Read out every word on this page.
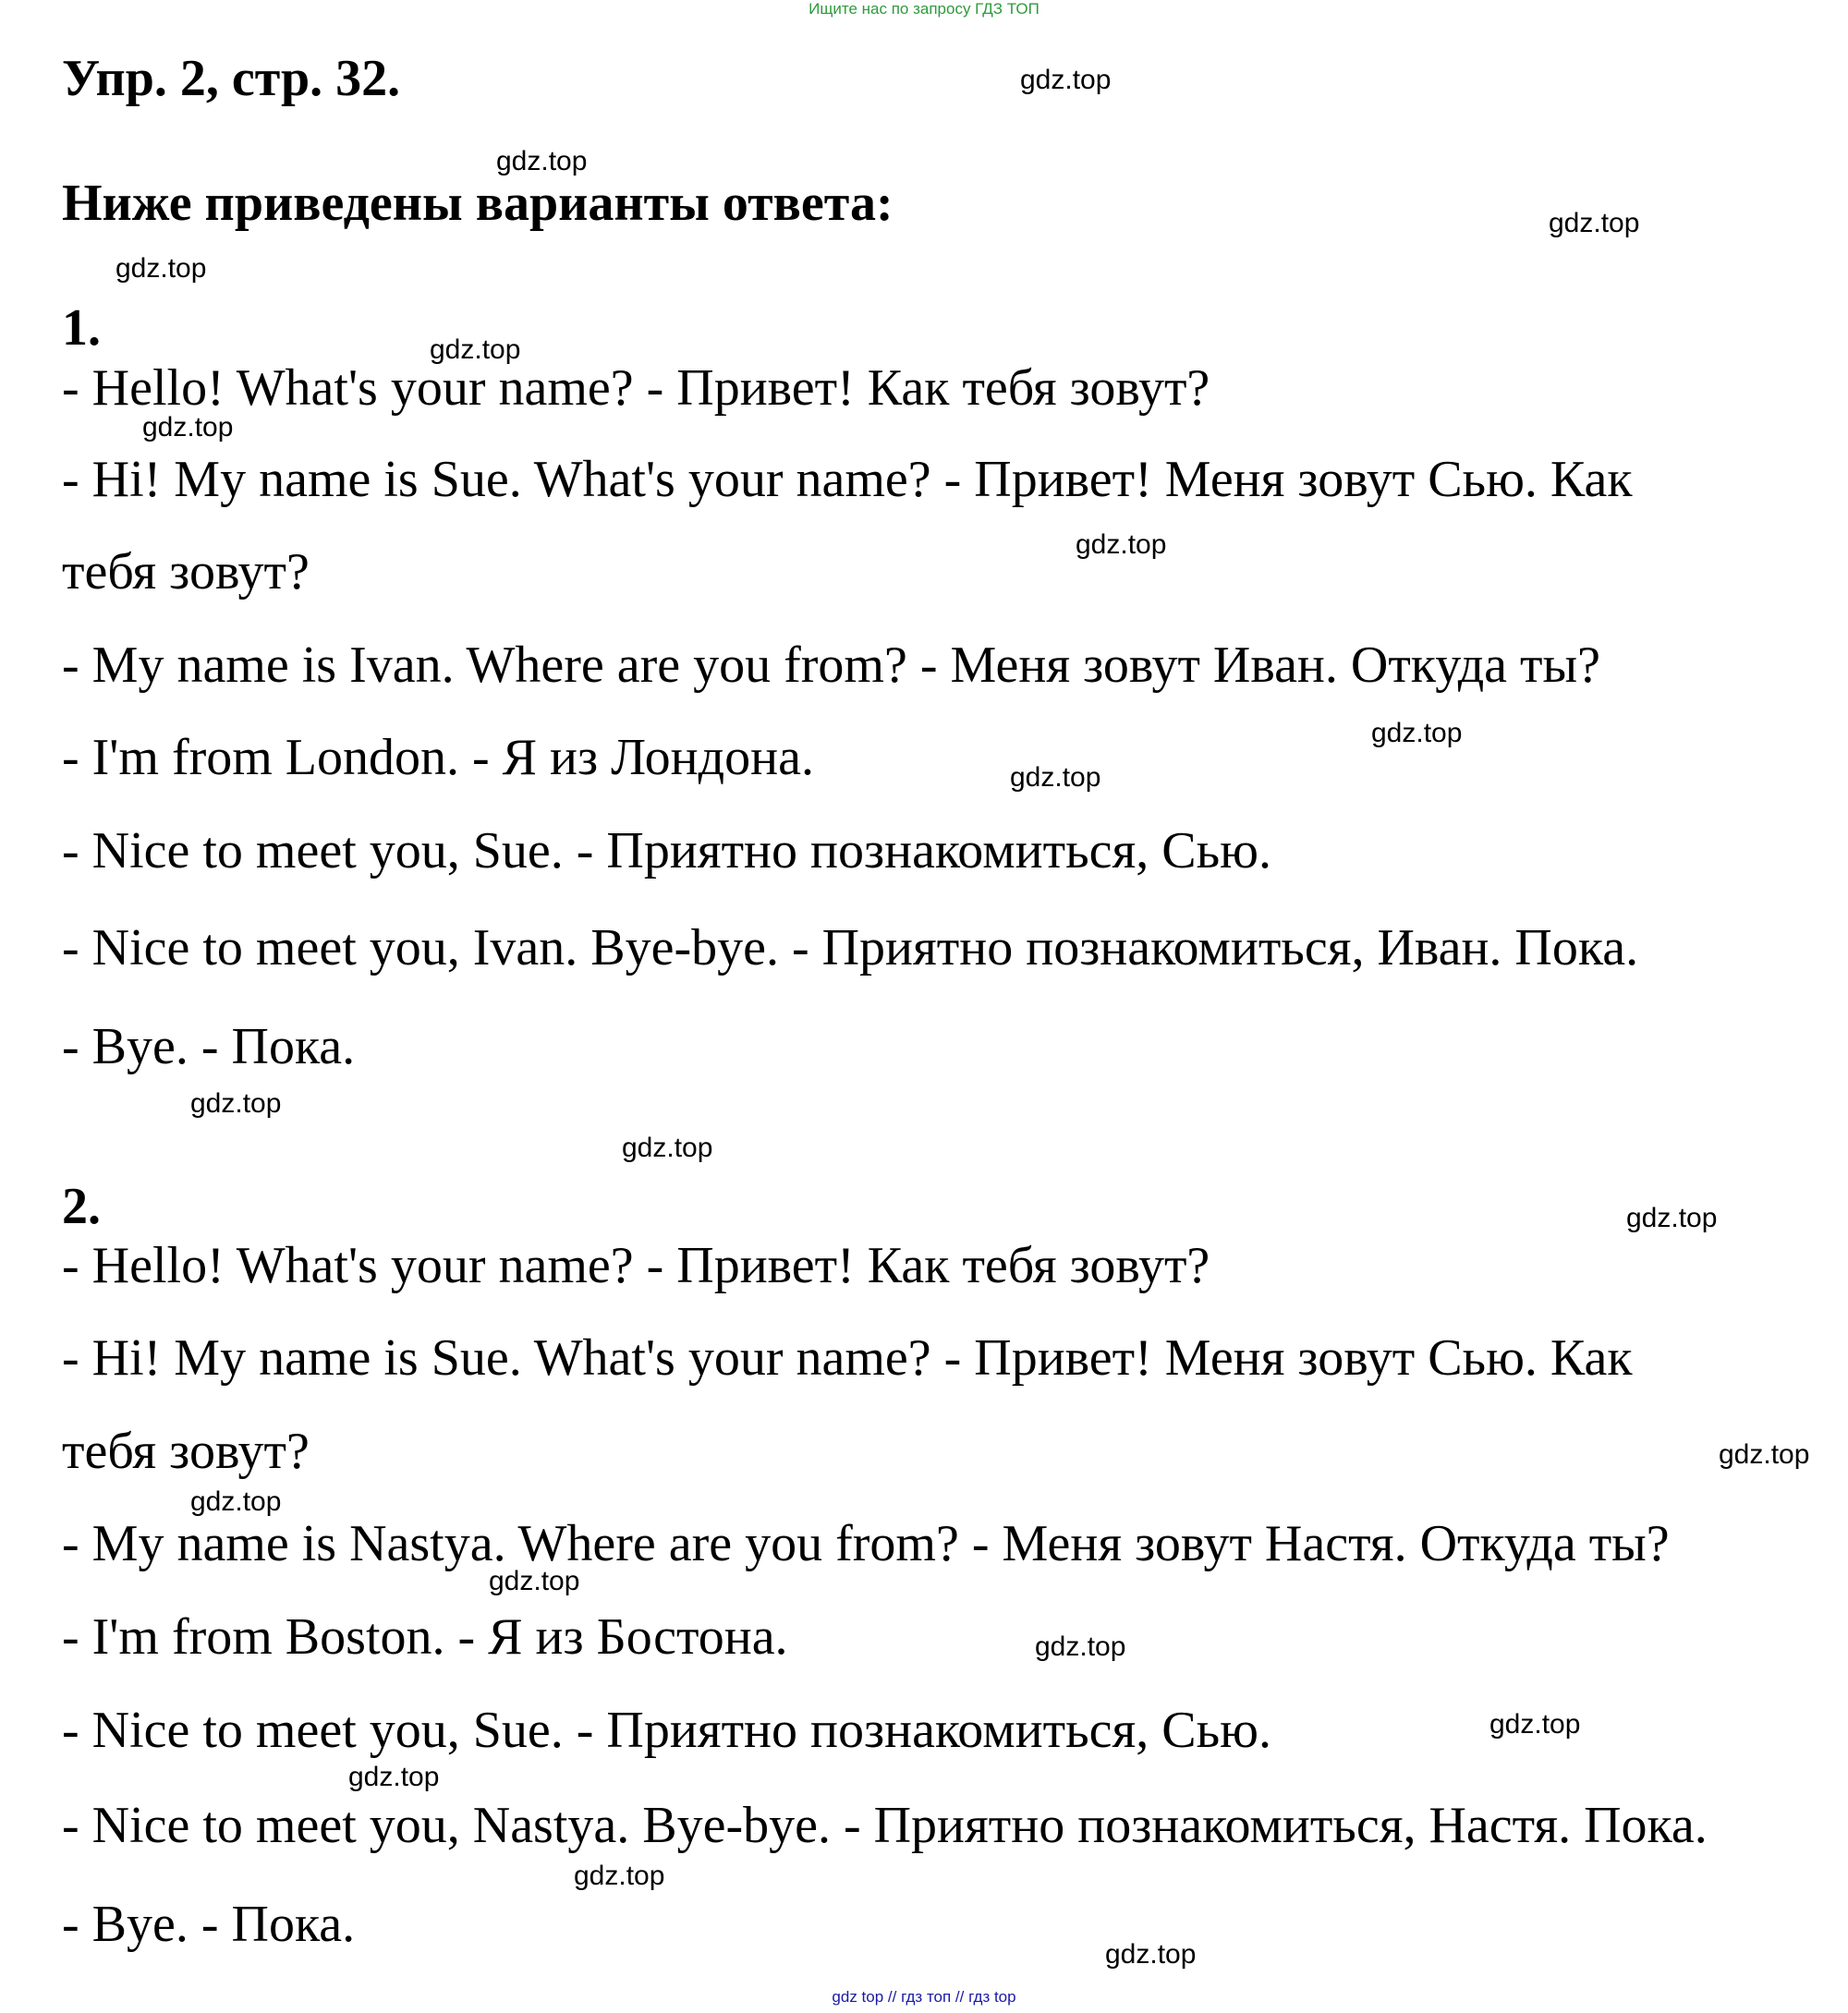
Ищите нас по запросу ГДЗ ТОП
Упр. 2, стр. 32.
Ниже приведены варианты ответа:
1.
- Hello! What's your name? - Привет! Как тебя зовут?
- Hi! My name is Sue. What's your name? - Привет! Меня зовут Сью. Как
тебя зовут?
- My name is Ivan. Where are you from? - Меня зовут Иван. Откуда ты?
- I'm from London. - Я из Лондона.
- Nice to meet you, Sue. - Приятно познакомиться, Сью.
- Nice to meet you, Ivan. Bye-bye. - Приятно познакомиться, Иван. Пока.
- Bye. - Пока.
2.
- Hello! What's your name? - Привет! Как тебя зовут?
- Hi! My name is Sue. What's your name? - Привет! Меня зовут Сью. Как
тебя зовут?
- My name is Nastya. Where are you from? - Меня зовут Настя. Откуда ты?
- I'm from Boston. - Я из Бостона.
- Nice to meet you, Sue. - Приятно познакомиться, Сью.
- Nice to meet you, Nastya. Bye-bye. - Приятно познакомиться, Настя. Пока.
- Bye. - Пока.
gdz.top
gdz.top
gdz.top
gdz.top
gdz.top
gdz.top
gdz.top
gdz.top
gdz.top
gdz.top
gdz.top
gdz.top
gdz.top
gdz.top
gdz.top
gdz.top
gdz.top
gdz.top
gdz.top
gdz.top
gdz top // гдз топ // гдз top
